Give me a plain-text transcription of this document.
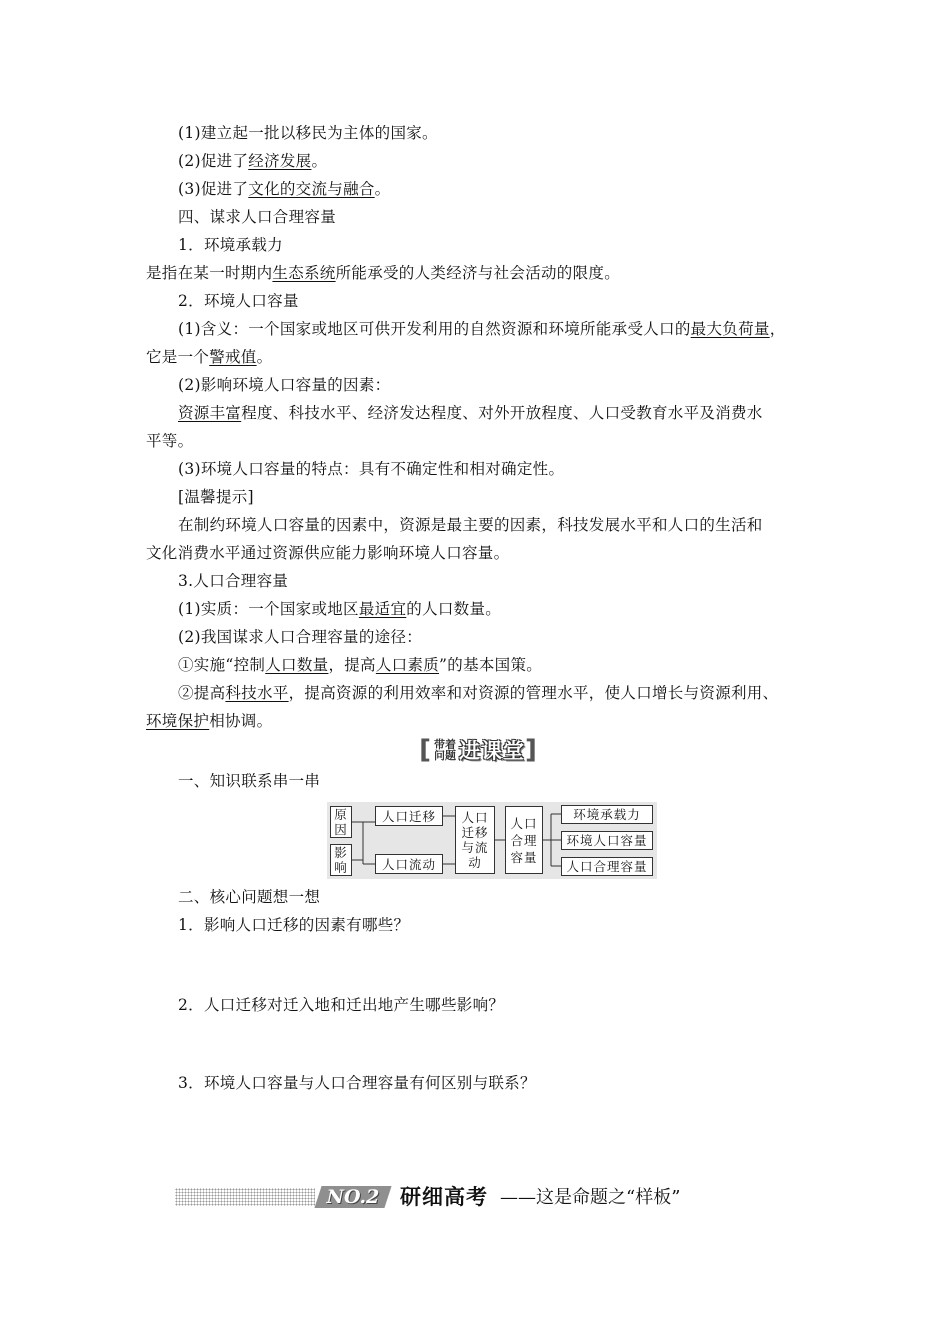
(1)建立起一批以移民为主体的国家。
(2)促进了经济发展。
(3)促进了文化的交流与融合。
四、谋求人口合理容量
1．环境承载力
是指在某一时期内生态系统所能承受的人类经济与社会活动的限度。
2．环境人口容量
(1)含义：一个国家或地区可供开发利用的自然资源和环境所能承受人口的最大负荷量，
它是一个警戒值。
(2)影响环境人口容量的因素：
资源丰富程度、科技水平、经济发达程度、对外开放程度、人口受教育水平及消费水
平等。
(3)环境人口容量的特点：具有不确定性和相对确定性。
[温馨提示]
在制约环境人口容量的因素中，资源是最主要的因素，科技发展水平和人口的生活和
文化消费水平通过资源供应能力影响环境人口容量。
3.人口合理容量
(1)实质：一个国家或地区最适宜的人口数量。
(2)我国谋求人口合理容量的途径：
①实施“控制人口数量，提高人口素质”的基本国策。
②提高科技水平，提高资源的利用效率和对资源的管理水平，使人口增长与资源利用、
环境保护相协调。
[ 带着
问题 进课堂 ]
一、知识联系串一串
原
因
影
响
人口迁移
人口流动
人口
迁移
与流
动
人口
合理
容量
环境承载力
环境人口容量
人口合理容量
二、核心问题想一想
1．影响人口迁移的因素有哪些？
2．人口迁移对迁入地和迁出地产生哪些影响？
3．环境人口容量与人口合理容量有何区别与联系？
NO.2 研细高考 ——这是命题之“样板”
